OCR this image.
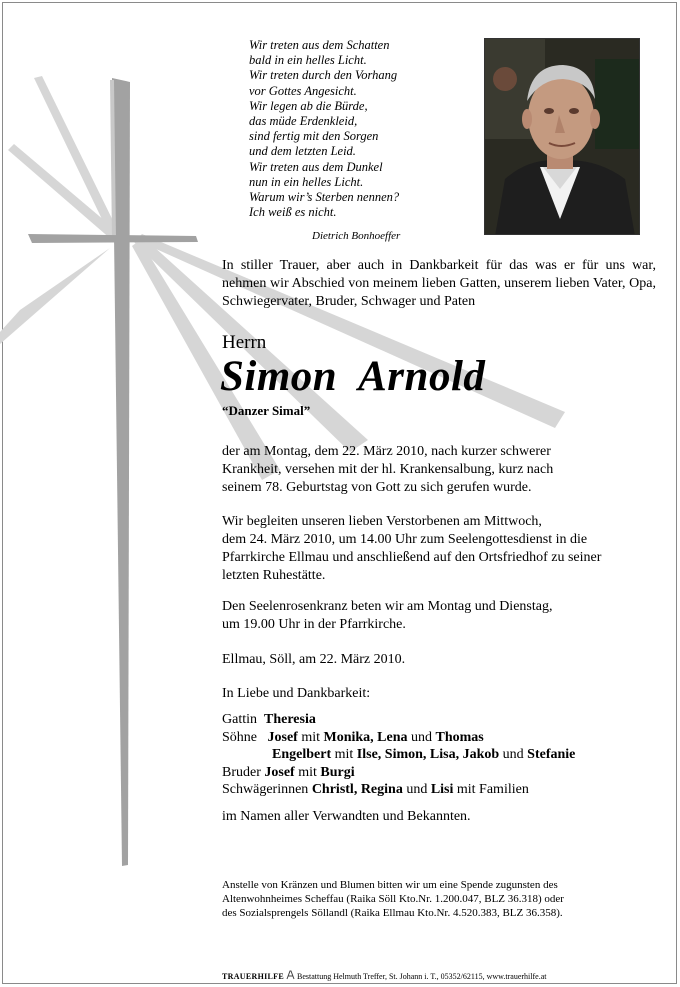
Wir treten aus dem Schatten
bald in ein helles Licht.
Wir treten durch den Vorhang
vor Gottes Angesicht.
Wir legen ab die Bürde,
das müde Erdenkleid,
sind fertig mit den Sorgen
und dem letzten Leid.
Wir treten aus dem Dunkel
nun in ein helles Licht.
Warum wir’s Sterben nennen?
Ich weiß es nicht.
Dietrich Bonhoeffer
In stiller Trauer, aber auch in Dankbarkeit für das was er für uns war, nehmen wir Abschied von meinem lieben Gatten, unserem lieben Vater, Opa, Schwiegervater, Bruder, Schwager und Paten
Herrn
Simon  Arnold
“Danzer Simal”
der am Montag, dem 22. März 2010, nach kurzer schwerer
Krankheit, versehen mit der hl. Krankensalbung, kurz nach
seinem 78. Geburtstag von Gott zu sich gerufen wurde.
Wir begleiten unseren lieben Verstorbenen am Mittwoch,
dem 24. März 2010, um 14.00 Uhr zum Seelengottesdienst in die
Pfarrkirche Ellmau und anschließend auf den Ortsfriedhof zu seiner
letzten Ruhestätte.
Den Seelenrosenkranz beten wir am Montag und Dienstag,
um 19.00 Uhr in der Pfarrkirche.
Ellmau, Söll, am 22. März 2010.
In Liebe und Dankbarkeit:
Gattin Theresia
Söhne Josef mit Monika, Lena und Thomas
Engelbert mit Ilse, Simon, Lisa, Jakob und Stefanie
Bruder Josef mit Burgi
Schwägerinnen Christl, Regina und Lisi mit Familien
im Namen aller Verwandten und Bekannten.
Anstelle von Kränzen und Blumen bitten wir um eine Spende zugunsten des
Altenwohnheimes Scheffau (Raika Söll Kto.Nr. 1.200.047, BLZ 36.318) oder
des Sozialsprengels Söllandl (Raika Ellmau Kto.Nr. 4.520.383, BLZ 36.358).
TRAUERHILFE Bestattung Helmuth Treffer, St. Johann i. T., 05352/62115, www.trauerhilfe.at
